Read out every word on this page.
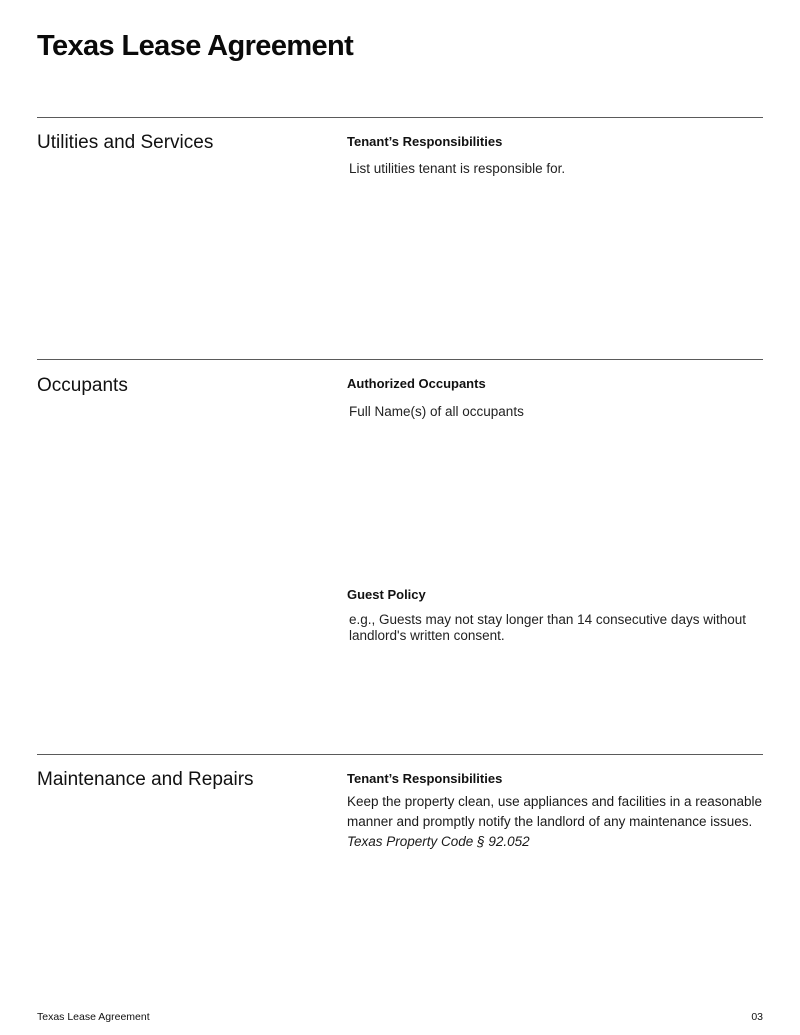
Texas Lease Agreement
Utilities and Services	Tenant’s Responsibilities
List utilities tenant is responsible for.
Occupants	Authorized Occupants
Full Name(s) of all occupants
Guest Policy
e.g., Guests may not stay longer than 14 consecutive days without landlord's written consent.
Maintenance and Repairs	Tenant’s Responsibilities

Keep the property clean, use appliances and facilities in a reasonable manner and promptly notify the landlord of any maintenance issues.

Texas Property Code § 92.052

Texas Lease Agreement	03
